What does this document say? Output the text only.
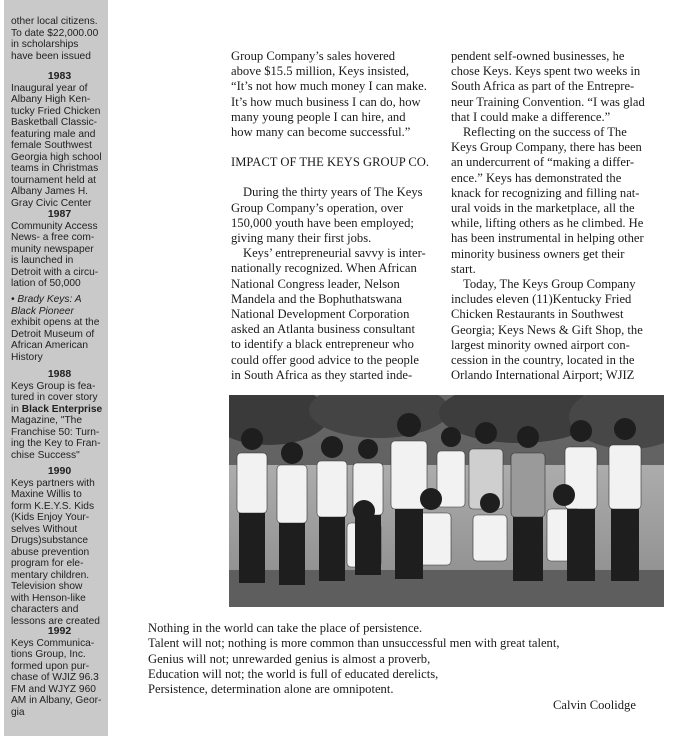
other local citizens.
To date $22,000.00
in scholarships
have been issued
1983
Inaugural year of
Albany High Ken-
tucky Fried Chicken
Basketball Classic-
featuring male and
female Southwest
Georgia high school
teams in Christmas
tournament held at
Albany James H.
Gray Civic Center
1987
Community Access
News- a free com-
munity newspaper
is launched in
Detroit with a circu-
lation of 50,000
• Brady Keys: A
Black Pioneer
exhibit opens at the
Detroit Museum of
African American
History
1988
Keys Group is fea-
tured in cover story
in Black Enterprise
Magazine, "The
Franchise 50: Turn-
ing the Key to Fran-
chise Success"
1990
Keys partners with
Maxine Willis to
form K.E.Y.S. Kids
(Kids Enjoy Your-
selves Without
Drugs)substance
abuse prevention
program for ele-
mentary children.
Television show
with Henson-like
characters and
lessons are created
1992
Keys Communica-
tions Group, Inc.
formed upon pur-
chase of WJIZ 96.3
FM and WJYZ 960
AM in Albany, Geor-
gia
Group Company’s sales hovered
above $15.5 million, Keys insisted,
“It’s not how much money I can make.
It’s how much business I can do, how
many young people I can hire, and
how many can become successful.”
IMPACT OF THE KEYS GROUP CO.
During the thirty years of The Keys
Group Company’s operation, over
150,000 youth have been employed;
giving many their first jobs.
Keys’ entrepreneurial savvy is inter-
nationally recognized. When African
National Congress leader, Nelson
Mandela and the Bophuthatswana
National Development Corporation
asked an Atlanta business consultant
to identify a black entrepreneur who
could offer good advice to the people
in South Africa as they started inde-
pendent self-owned businesses, he
chose Keys. Keys spent two weeks in
South Africa as part of the Entrepre-
neur Training Convention. “I was glad
that I could make a difference.”
Reflecting on the success of The
Keys Group Company, there has been
an undercurrent of “making a differ-
ence.” Keys has demonstrated the
knack for recognizing and filling nat-
ural voids in the marketplace, all the
while, lifting others as he climbed. He
has been instrumental in helping other
minority business owners get their
start.
Today, The Keys Group Company
includes eleven (11)Kentucky Fried
Chicken Restaurants in Southwest
Georgia; Keys News & Gift Shop, the
largest minority owned airport con-
cession in the country, located in the
Orlando International Airport; WJIZ
Nothing in the world can take the place of persistence.
Talent will not; nothing is more common than unsuccessful men with great talent,
Genius will not; unrewarded genius is almost a proverb,
Education will not; the world is full of educated derelicts,
Persistence, determination alone are omnipotent.
Calvin Coolidge
